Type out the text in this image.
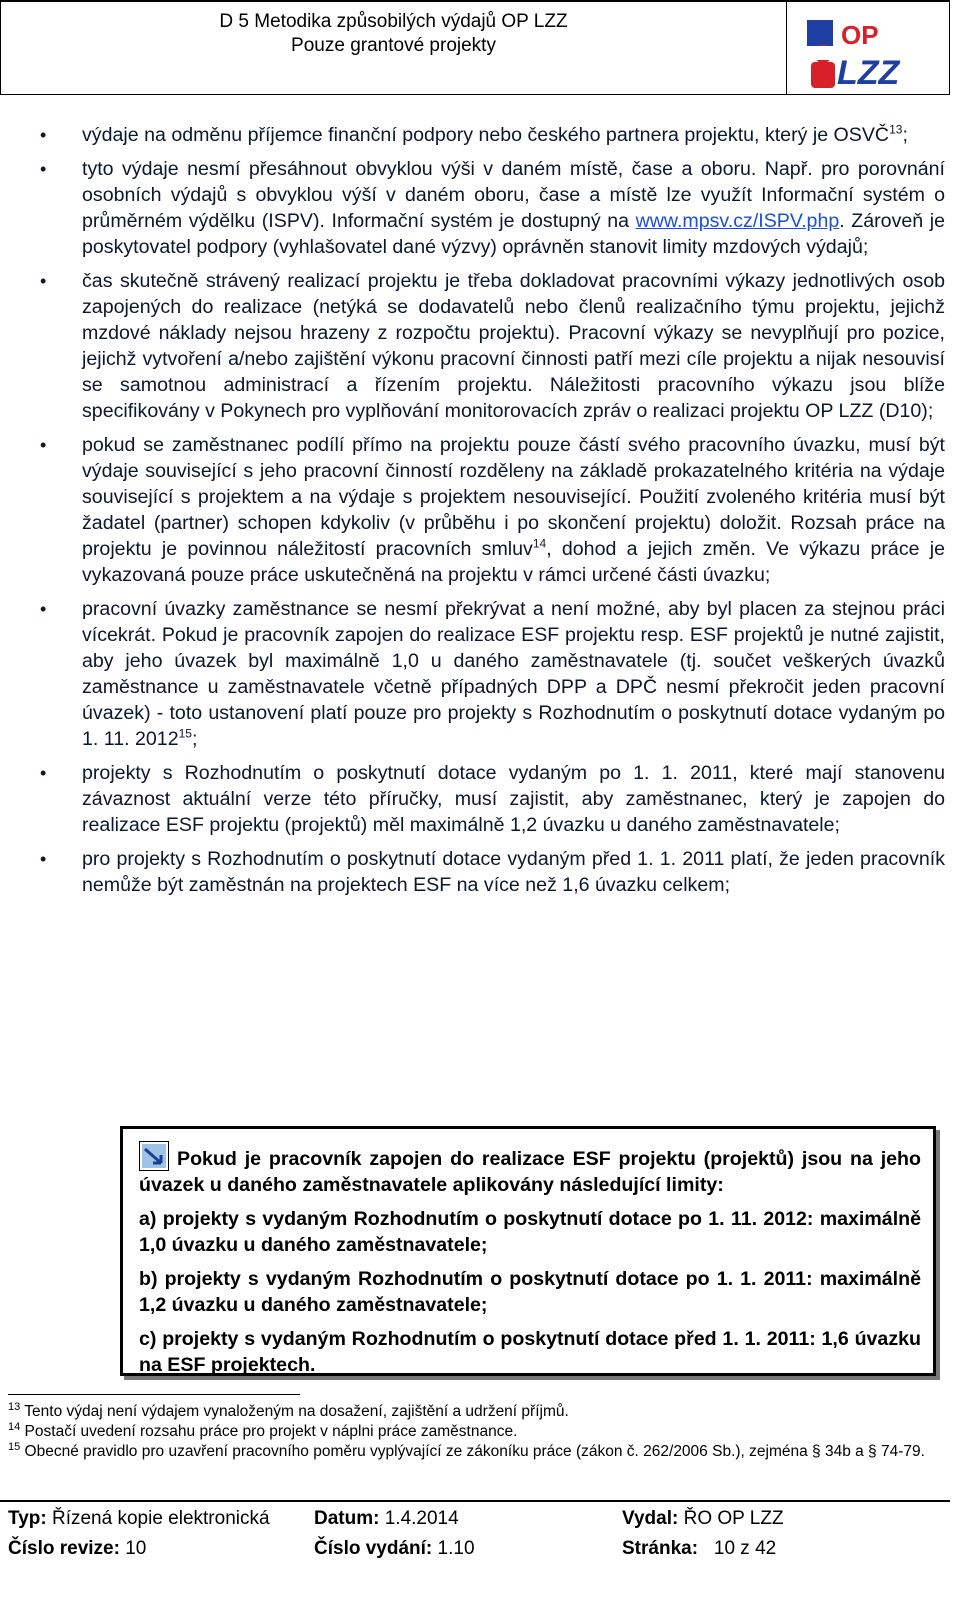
D 5 Metodika způsobilých výdajů OP LZZ
Pouze grantové projekty	OP
LZZ
• výdaje na odměnu příjemce finanční podpory nebo českého partnera projektu, který je OSVČ$^{13}$;
• tyto výdaje nesmí přesáhnout obvyklou výši v daném místě, čase a oboru. Např. pro porovnání osobních výdajů s obvyklou výší v daném oboru, čase a místě lze využít Informační systém o průměrném výdělku (ISPV). Informační systém je dostupný na www.mpsv.cz/ISPV.php. Zároveň je poskytovatel podpory (vyhlašovatel dané výzvy) oprávněn stanovit limity mzdových výdajů;
• čas skutečně strávený realizací projektu je třeba dokladovat pracovními výkazy jednotlivých osob zapojených do realizace (netýká se dodavatelů nebo členů realizačního týmu projektu, jejichž mzdové náklady nejsou hrazeny z rozpočtu projektu). Pracovní výkazy se nevyplňují pro pozice, jejichž vytvoření a/nebo zajištění výkonu pracovní činnosti patří mezi cíle projektu a nijak nesouvisí se samotnou administrací a řízením projektu. Náležitosti pracovního výkazu jsou blíže specifikovány v Pokynech pro vyplňování monitorovacích zpráv o realizaci projektu OP LZZ (D10);
• pokud se zaměstnanec podílí přímo na projektu pouze částí svého pracovního úvazku, musí být výdaje související s jeho pracovní činností rozděleny na základě prokazatelného kritéria na výdaje související s projektem a na výdaje s projektem nesouvisející. Použití zvoleného kritéria musí být žadatel (partner) schopen kdykoliv (v průběhu i po skončení projektu) doložit. Rozsah práce na projektu je povinnou náležitostí pracovních smluv$^{14}$, dohod a jejich změn. Ve výkazu práce je vykazovaná pouze práce uskutečněná na projektu v rámci určené části úvazku;
• pracovní úvazky zaměstnance se nesmí překrývat a není možné, aby byl placen za stejnou práci vícekrát. Pokud je pracovník zapojen do realizace ESF projektu resp. ESF projektů je nutné zajistit, aby jeho úvazek byl maximálně 1,0 u daného zaměstnavatele (tj. součet veškerých úvazků zaměstnance u zaměstnavatele včetně případných DPP a DPČ nesmí překročit jeden pracovní úvazek) - toto ustanovení platí pouze pro projekty s Rozhodnutím o poskytnutí dotace vydaným po 1. 11. 2012$^{15}$;
• projekty s Rozhodnutím o poskytnutí dotace vydaným po 1. 1. 2011, které mají stanovenu závaznost aktuální verze této příručky, musí zajistit, aby zaměstnanec, který je zapojen do realizace ESF projektu (projektů) měl maximálně 1,2 úvazku u daného zaměstnavatele;
• pro projekty s Rozhodnutím o poskytnutí dotace vydaným před 1. 1. 2011 platí, že jeden pracovník nemůže být zaměstnán na projektech ESF na více než 1,6 úvazku celkem;

Pokud je pracovník zapojen do realizace ESF projektu (projektů) jsou na jeho úvazek u daného zaměstnavatele aplikovány následující limity:

a) projekty s vydaným Rozhodnutím o poskytnutí dotace po 1. 11. 2012: maximálně 1,0 úvazku u daného zaměstnavatele;

b) projekty s vydaným Rozhodnutím o poskytnutí dotace po 1. 1. 2011: maximálně 1,2 úvazku u daného zaměstnavatele;

c) projekty s vydaným Rozhodnutím o poskytnutí dotace před 1. 1. 2011: 1,6 úvazku na ESF projektech.

$^{13}$ Tento výdaj není výdajem vynaloženým na dosažení, zajištění a udržení příjmů.
$^{14}$ Postačí uvedení rozsahu práce pro projekt v náplni práce zaměstnance.
$^{15}$ Obecné pravidlo pro uzavření pracovního poměru vyplývající ze zákoníku práce (zákon č. 262/2006 Sb.), zejména § 34b a § 74-79.
Typ: Řízená kopie elektronická Datum: 1.4.2014	Vydal: ŘO OP LZZ
Číslo revize: 10	Číslo vydání: 1.10	Stránka: 10 z 42
